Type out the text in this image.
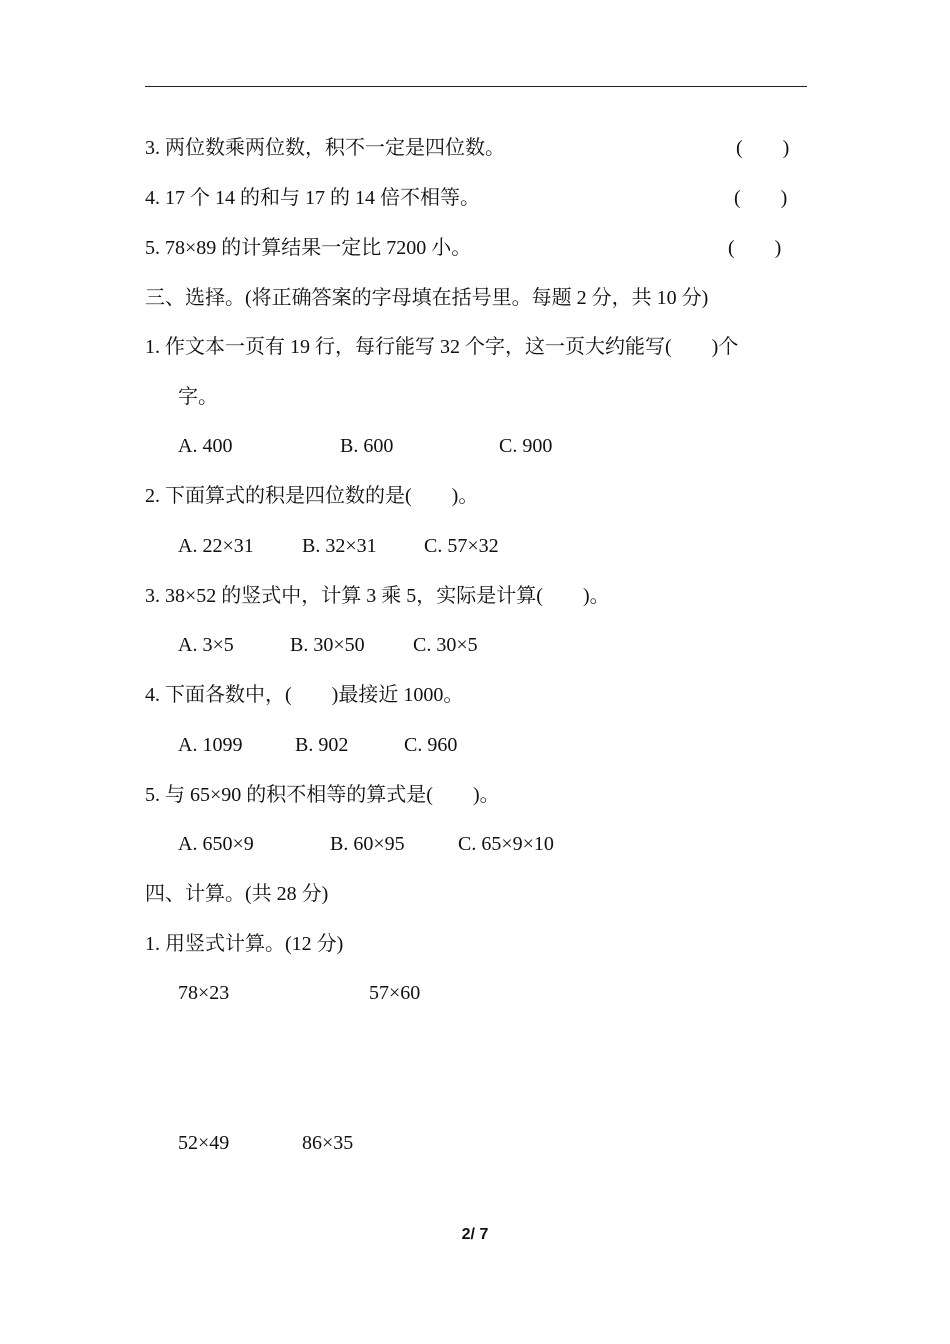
3. 两位数乘两位数，积不一定是四位数。	(　　)
4. 17 个 14 的和与 17 的 14 倍不相等。	(　　)
5. 78×89 的计算结果一定比 7200 小。	(　　)
三、选择。(将正确答案的字母填在括号里。每题 2 分，共 10 分)
1. 作文本一页有 19 行，每行能写 32 个字，这一页大约能写(　　)个
字。
A. 400	B. 600	C. 900
2. 下面算式的积是四位数的是(　　)。
A. 22×31 B. 32×31 C. 57×32
3. 38×52 的竖式中，计算 3 乘 5，实际是计算(　　)。
A. 3×5	B. 30×50 C. 30×5
4. 下面各数中，(　　)最接近 1000。
A. 1099	B. 902	C. 960
5. 与 65×90 的积不相等的算式是(　　)。
A. 650×9	B. 60×95	C. 65×9×10
四、计算。(共 28 分)
1. 用竖式计算。(12 分)
78×23	57×60
52×49	86×35
2/ 7
